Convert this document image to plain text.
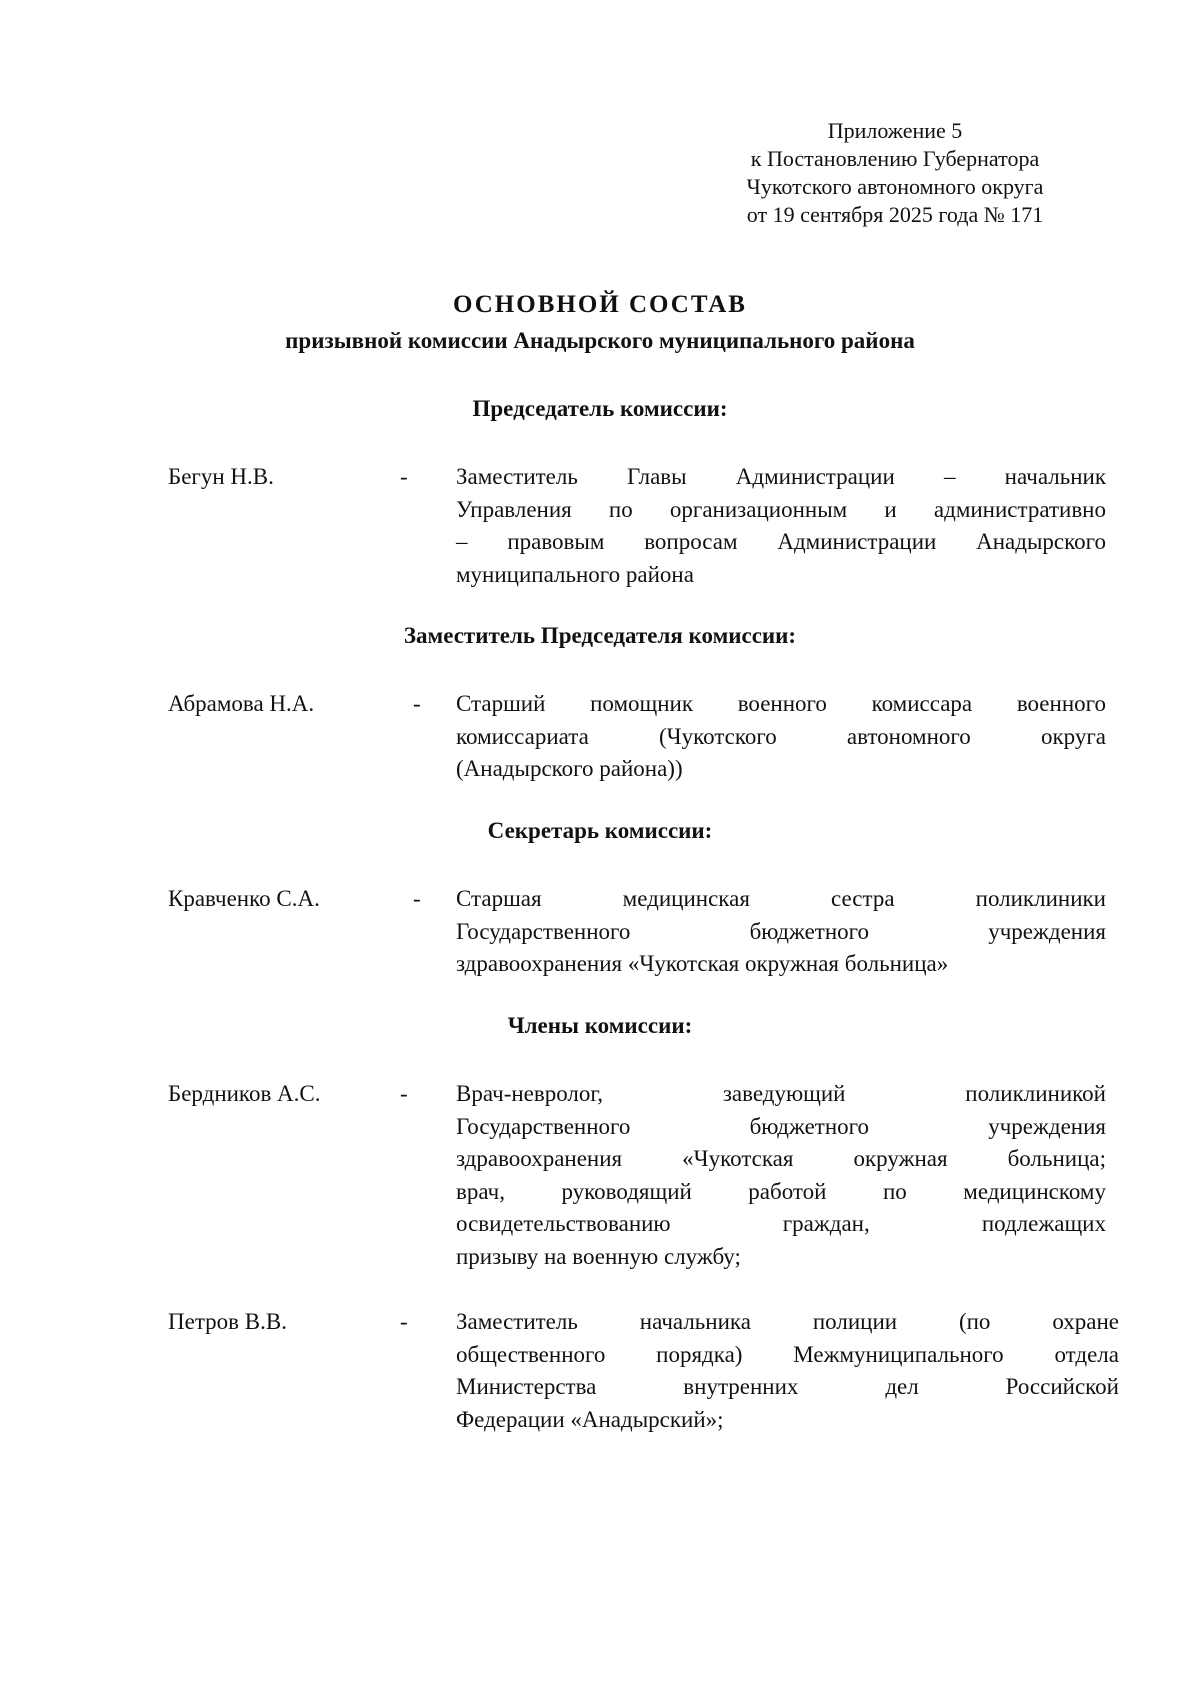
Приложение 5
к Постановлению Губернатора
Чукотского автономного округа
от 19 сентября 2025 года № 171
ОСНОВНОЙ СОСТАВ
призывной комиссии Анадырского муниципального района
Председатель комиссии:
Бегун Н.В.	- Заместитель Главы Администрации – начальник
Управления по организационным и административно
– правовым вопросам Администрации Анадырского
муниципального района
Заместитель Председателя комиссии:
Абрамова Н.А.	- Старший помощник военного комиссара военного
комиссариата (Чукотского автономного округа
(Анадырского района))
Секретарь комиссии:
Кравченко С.А.	- Старшая медицинская сестра поликлиники
Государственного бюджетного учреждения
здравоохранения «Чукотская окружная больница»
Члены комиссии:
Бердников А.С.	- Врач-невролог, заведующий поликлиникой
Государственного бюджетного учреждения
здравоохранения «Чукотская окружная больница;
врач, руководящий работой по медицинскому
освидетельствованию граждан, подлежащих
призыву на военную службу;
Петров В.В.	- Заместитель начальника полиции (по охране
общественного порядка) Межмуниципального отдела
Министерства внутренних дел Российской
Федерации «Анадырский»;
